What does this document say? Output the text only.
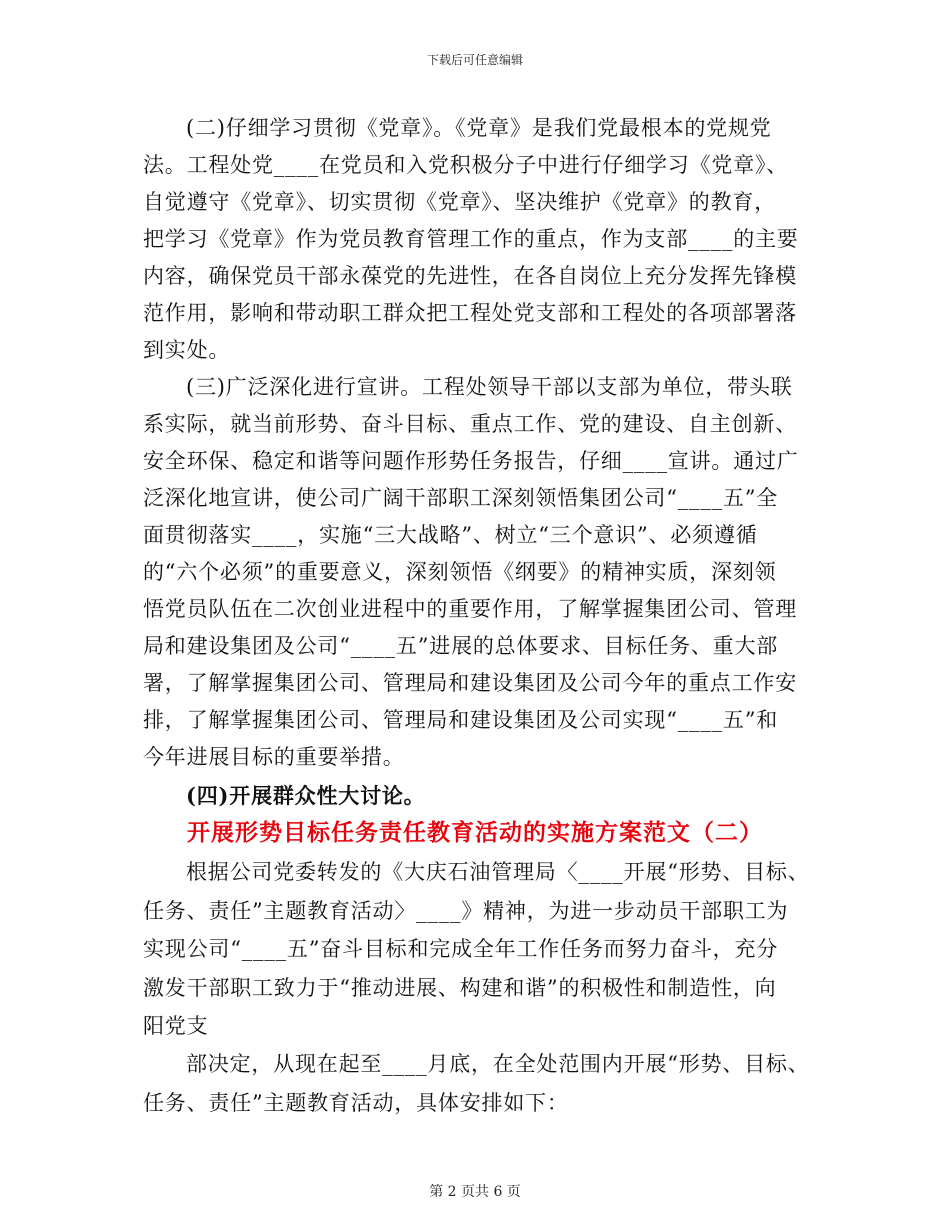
下载后可任意编辑
(二)仔细学习贯彻《党章》。《党章》是我们党最根本的党规党
法。工程处党____在党员和入党积极分子中进行仔细学习《党章》、
自觉遵守《党章》、切实贯彻《党章》、坚决维护《党章》的教育，
把学习《党章》作为党员教育管理工作的重点，作为支部____的主要
内容，确保党员干部永葆党的先进性，在各自岗位上充分发挥先锋模
范作用，影响和带动职工群众把工程处党支部和工程处的各项部署落
到实处。
(三)广泛深化进行宣讲。工程处领导干部以支部为单位，带头联
系实际，就当前形势、奋斗目标、重点工作、党的建设、自主创新、
安全环保、稳定和谐等问题作形势任务报告，仔细____宣讲。通过广
泛深化地宣讲，使公司广阔干部职工深刻领悟集团公司“____五”全
面贯彻落实____，实施“三大战略”、树立“三个意识”、必须遵循
的“六个必须”的重要意义，深刻领悟《纲要》的精神实质，深刻领
悟党员队伍在二次创业进程中的重要作用，了解掌握集团公司、管理
局和建设集团及公司“____五”进展的总体要求、目标任务、重大部
署，了解掌握集团公司、管理局和建设集团及公司今年的重点工作安
排，了解掌握集团公司、管理局和建设集团及公司实现“____五”和
今年进展目标的重要举措。
(四)开展群众性大讨论。
开展形势目标任务责任教育活动的实施方案范文（二）
根据公司党委转发的《大庆石油管理局〈____开展“形势、目标、
任务、责任”主题教育活动〉____》精神，为进一步动员干部职工为
实现公司“____五”奋斗目标和完成全年工作任务而努力奋斗，充分
激发干部职工致力于“推动进展、构建和谐”的积极性和制造性，向
阳党支
部决定，从现在起至____月底，在全处范围内开展“形势、目标、
任务、责任”主题教育活动，具体安排如下：
第 2 页共 6 页
